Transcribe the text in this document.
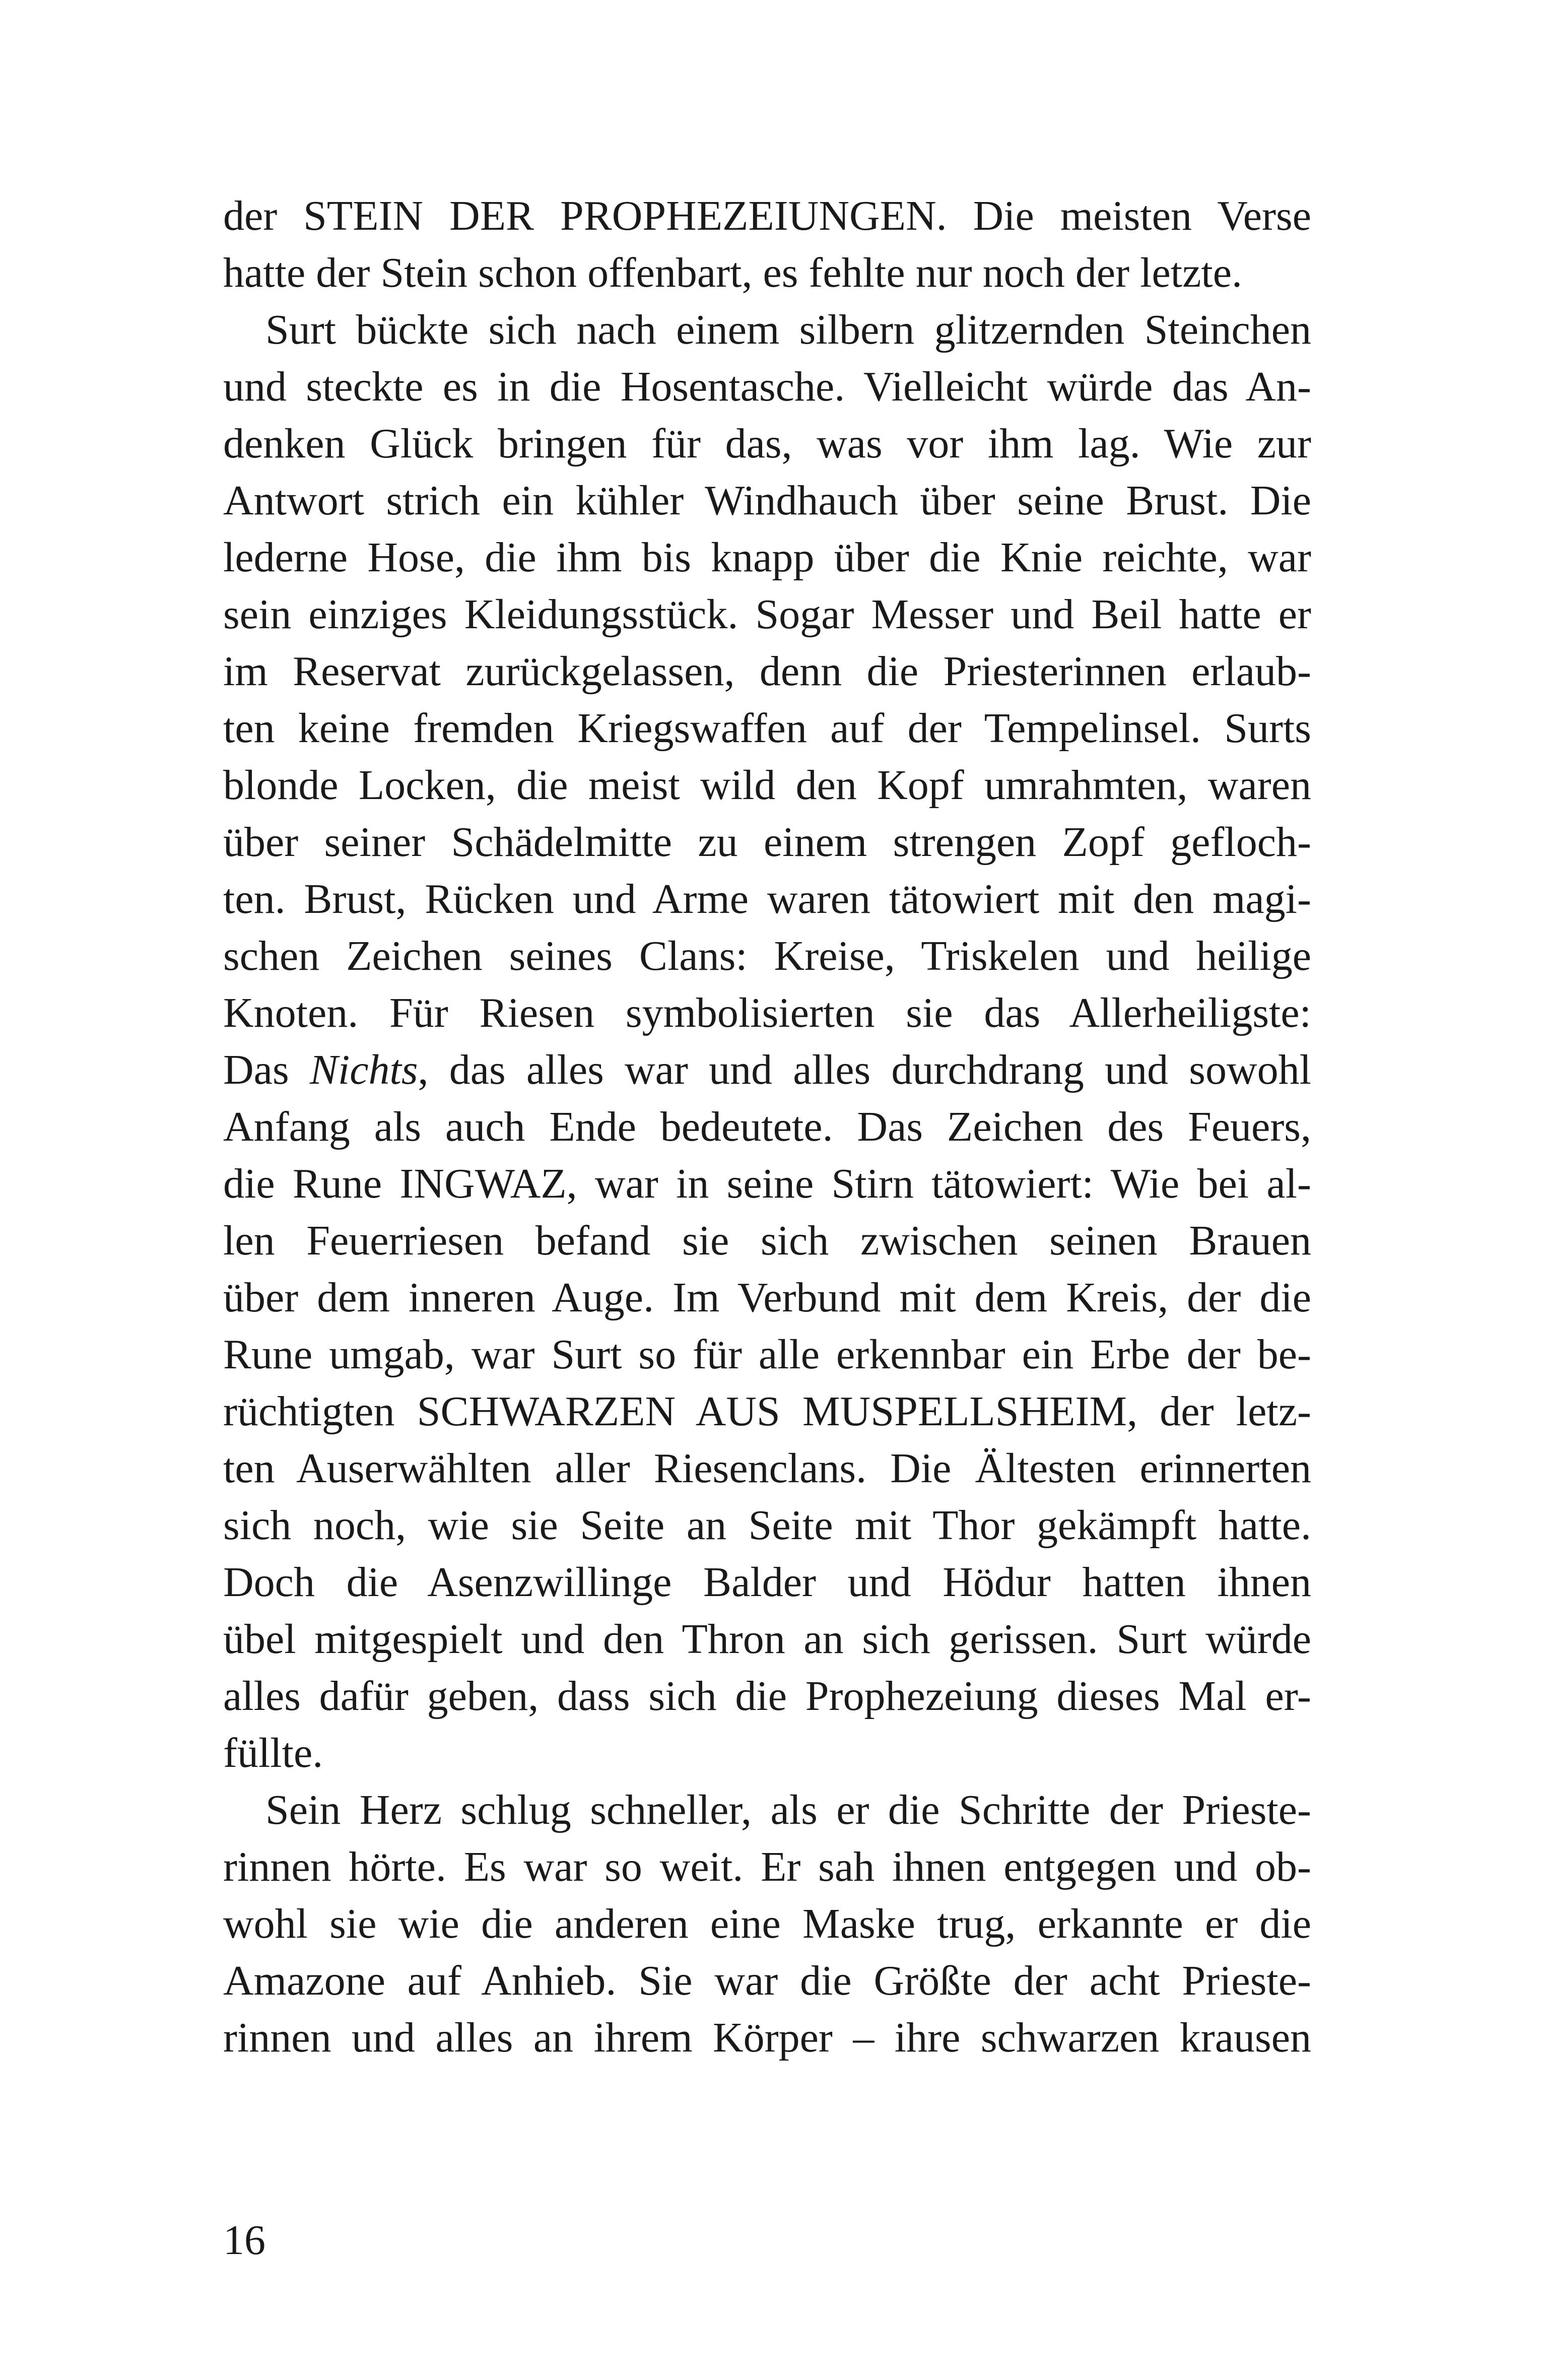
der STEIN DER PROPHEZEIUNGEN. Die meisten Verse
hatte der Stein schon offenbart, es fehlte nur noch der letzte.
Surt bückte sich nach einem silbern glitzernden Steinchen
und steckte es in die Hosentasche. Vielleicht würde das An-
denken Glück bringen für das, was vor ihm lag. Wie zur
Antwort strich ein kühler Windhauch über seine Brust. Die
lederne Hose, die ihm bis knapp über die Knie reichte, war
sein einziges Kleidungsstück. Sogar Messer und Beil hatte er
im Reservat zurückgelassen, denn die Priesterinnen erlaub-
ten keine fremden Kriegswaffen auf der Tempelinsel. Surts
blonde Locken, die meist wild den Kopf umrahmten, waren
über seiner Schädelmitte zu einem strengen Zopf gefloch-
ten. Brust, Rücken und Arme waren tätowiert mit den magi-
schen Zeichen seines Clans: Kreise, Triskelen und heilige
Knoten. Für Riesen symbolisierten sie das Allerheiligste:
Das Nichts, das alles war und alles durchdrang und sowohl
Anfang als auch Ende bedeutete. Das Zeichen des Feuers,
die Rune INGWAZ, war in seine Stirn tätowiert: Wie bei al-
len Feuerriesen befand sie sich zwischen seinen Brauen
über dem inneren Auge. Im Verbund mit dem Kreis, der die
Rune umgab, war Surt so für alle erkennbar ein Erbe der be-
rüchtigten SCHWARZEN AUS MUSPELLSHEIM, der letz-
ten Auserwählten aller Riesenclans. Die Ältesten erinnerten
sich noch, wie sie Seite an Seite mit Thor gekämpft hatte.
Doch die Asenzwillinge Balder und Hödur hatten ihnen
übel mitgespielt und den Thron an sich gerissen. Surt würde
alles dafür geben, dass sich die Prophezeiung dieses Mal er-
füllte.
Sein Herz schlug schneller, als er die Schritte der Prieste-
rinnen hörte. Es war so weit. Er sah ihnen entgegen und ob-
wohl sie wie die anderen eine Maske trug, erkannte er die
Amazone auf Anhieb. Sie war die Größte der acht Prieste-
rinnen und alles an ihrem Körper – ihre schwarzen krausen
16
